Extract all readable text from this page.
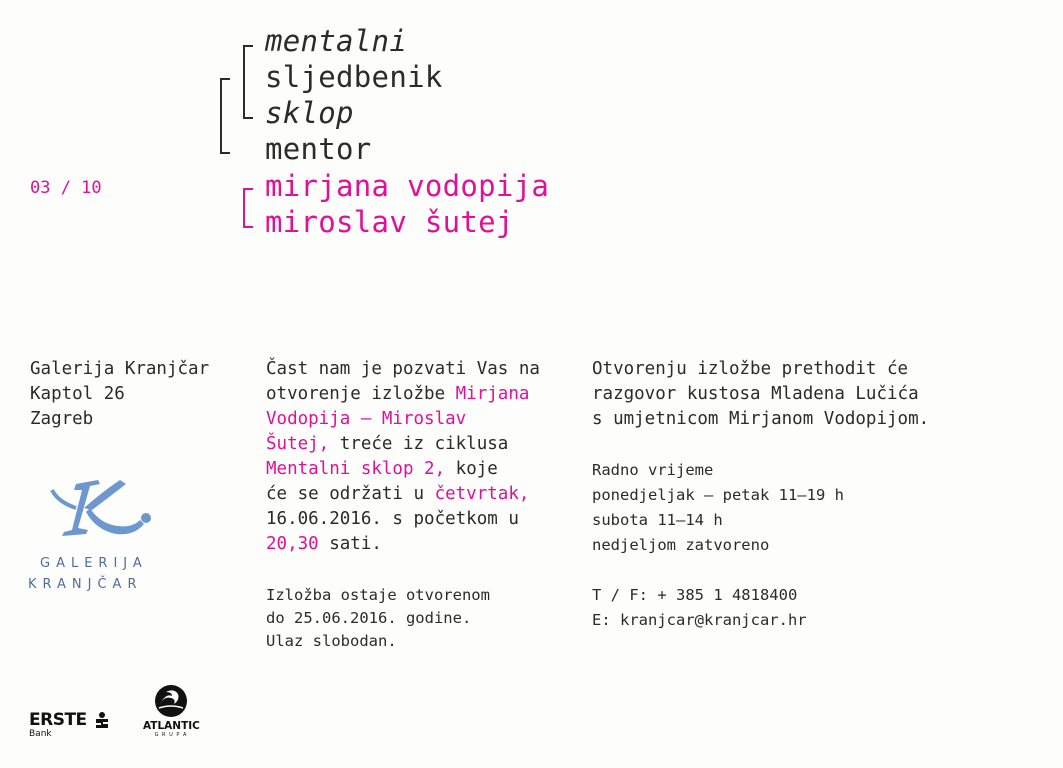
mentalni
sljedbenik
sklop
mentor
mirjana vodopija
miroslav šutej
03 / 10
Galerija Kranjčar
Kaptol 26
Zagreb
GALERIJA
KRANJČAR
Čast nam je pozvati Vas na
otvorenje izložbe Mirjana
Vodopija – Miroslav
Šutej, treće iz ciklusa
Mentalni sklop 2, koje
će se održati u četvrtak,
16.06.2016. s početkom u
20,30 sati.
Izložba ostaje otvorenom
do 25.06.2016. godine.
Ulaz slobodan.
Otvorenju izložbe prethodit će
razgovor kustosa Mladena Lučića
s umjetnicom Mirjanom Vodopijom.
Radno vrijeme
ponedjeljak – petak 11–19 h
subota 11–14 h
nedjeljom zatvoreno
T / F: + 385 1 4818400
E: kranjcar@kranjcar.hr
ERSTE
Bank
ATLANTIC
G R U P A
